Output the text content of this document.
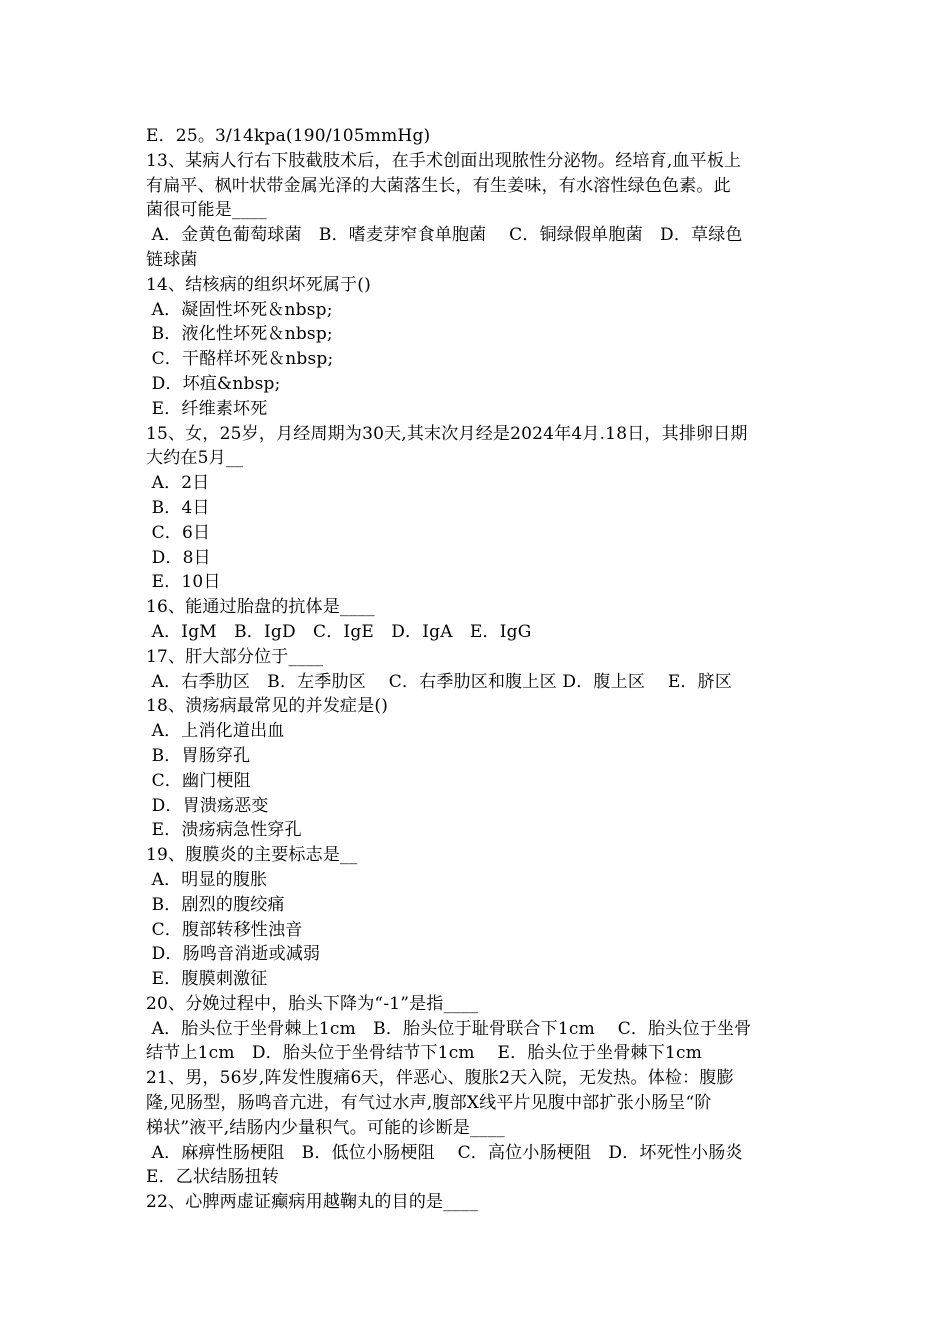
E．25。3/14kpa(190/105mmHg)
13、某病人行右下肢截肢术后，在手术创面出现脓性分泌物。经培育,血平板上
有扁平、枫叶状带金属光泽的大菌落生长，有生姜味，有水溶性绿色色素。此
菌很可能是____
A．金黄色葡萄球菌　B．嗜麦芽窄食单胞菌　 C．铜绿假单胞菌　D．草绿色
链球菌
14、结核病的组织坏死属于()
A．凝固性坏死＆nbsp;
B．液化性坏死＆nbsp;
C．干酪样坏死＆nbsp;
D．坏疽&nbsp;
E．纤维素坏死
15、女，25岁，月经周期为30天,其末次月经是2024年4月.18日，其排卵日期
大约在5月__
A．2日
B．4日
C．6日
D．8日
E．10日
16、能通过胎盘的抗体是____
A．IgM　B．IgD　C．IgE　D．IgA　E．IgG
17、肝大部分位于____
A．右季肋区　B．左季肋区　 C．右季肋区和腹上区 D．腹上区　 E．脐区
18、溃疡病最常见的并发症是()
A．上消化道出血
B．胃肠穿孔
C．幽门梗阻
D．胃溃疡恶变
E．溃疡病急性穿孔
19、腹膜炎的主要标志是__
A．明显的腹胀
B．剧烈的腹绞痛
C．腹部转移性浊音
D．肠鸣音消逝或减弱
E．腹膜刺激征
20、分娩过程中，胎头下降为“-1”是指____
A．胎头位于坐骨棘上1cm　B．胎头位于耻骨联合下1cm　 C．胎头位于坐骨
结节上1cm　D．胎头位于坐骨结节下1cm　 E．胎头位于坐骨棘下1cm
21、男，56岁,阵发性腹痛6天，伴恶心、腹胀2天入院，无发热。体检：腹膨
隆,见肠型，肠鸣音亢进，有气过水声,腹部X线平片见腹中部扩张小肠呈“阶
梯状”液平,结肠内少量积气。可能的诊断是____
A．麻痹性肠梗阻　B．低位小肠梗阻　 C．高位小肠梗阻　D．坏死性小肠炎
E．乙状结肠扭转
22、心脾两虚证癫病用越鞠丸的目的是____
